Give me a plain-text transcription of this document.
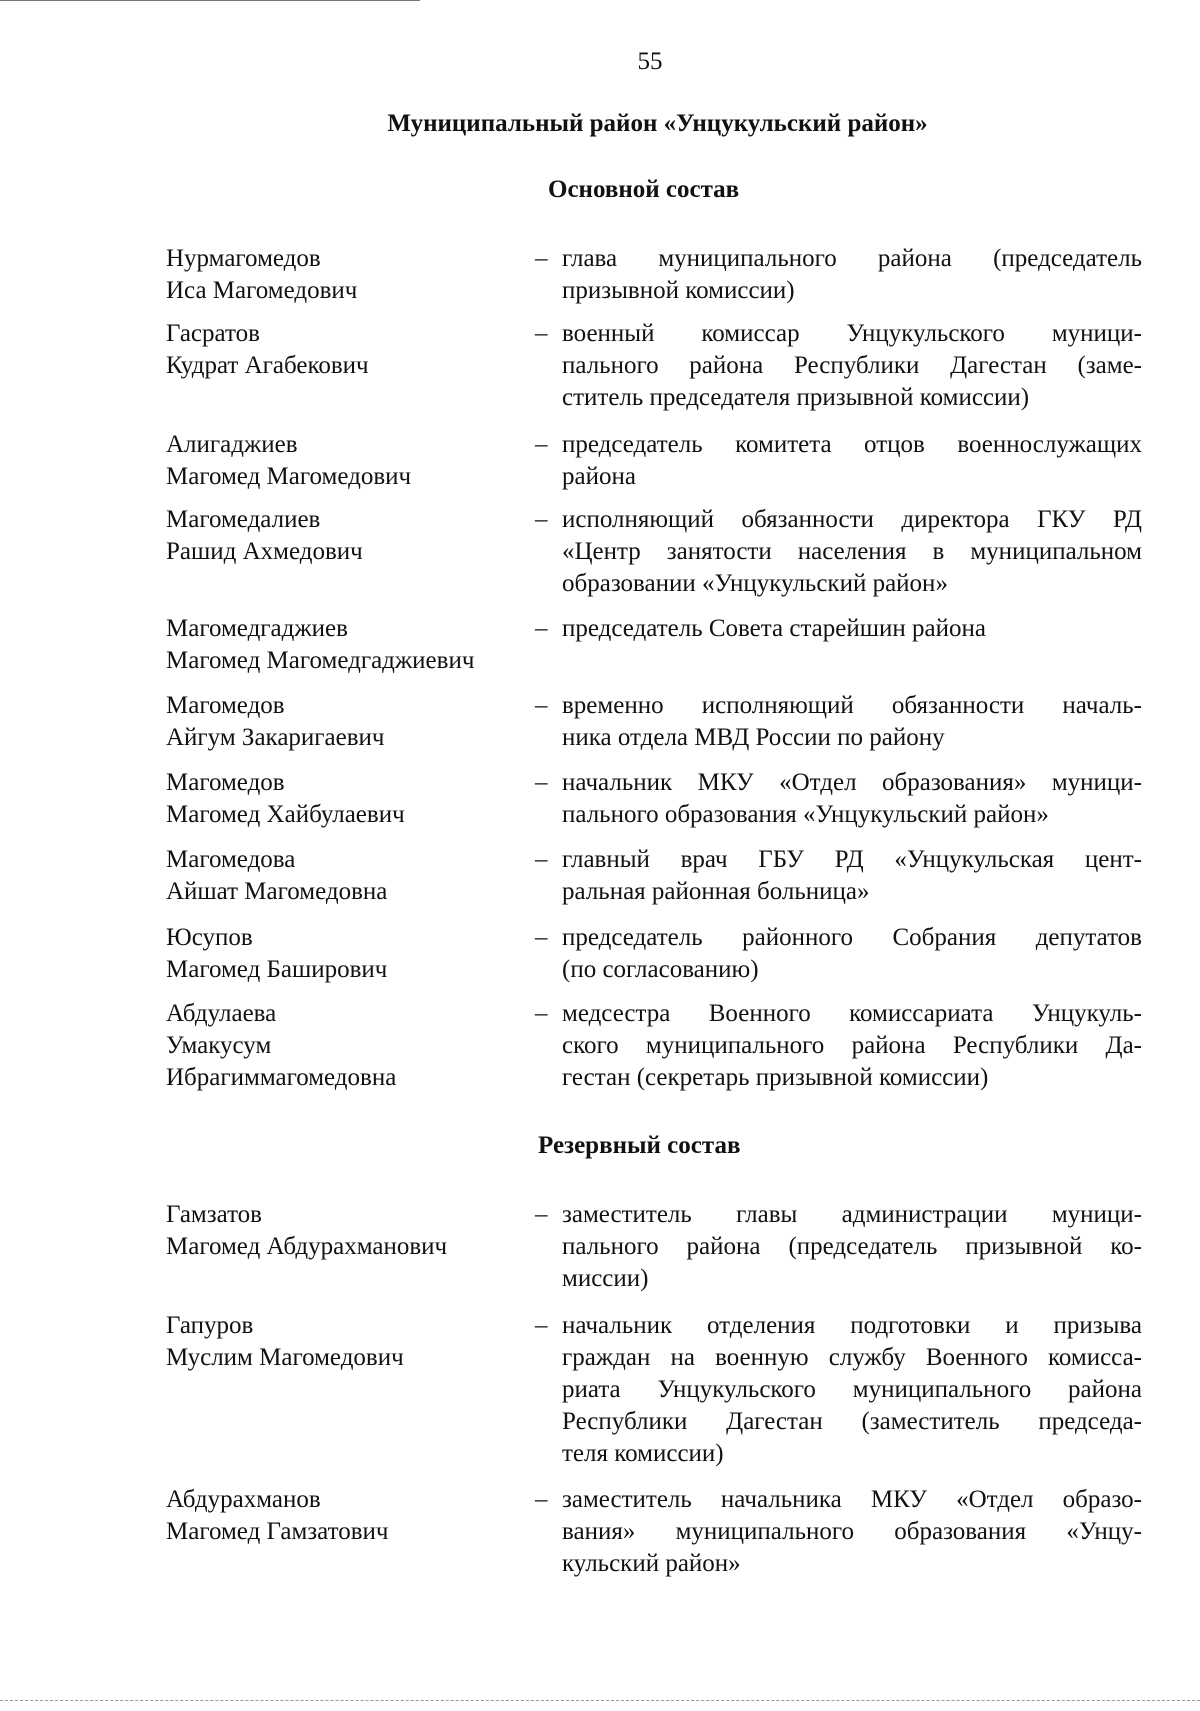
55
Муниципальный район «Унцукульский район»
Основной состав
Нурмагомедов
Иса Магомедович
– глава муниципального района (председатель
призывной комиссии)
Гасратов
Кудрат Агабекович
– военный комиссар Унцукульского муници-
пального района Республики Дагестан (заме-
ститель председателя призывной комиссии)
Алигаджиев
Магомед Магомедович
– председатель комитета отцов военнослужащих
района
Магомедалиев
Рашид Ахмедович
– исполняющий обязанности директора ГКУ РД
«Центр занятости населения в муниципальном
образовании «Унцукульский район»
Магомедгаджиев
Магомед Магомедгаджиевич
– председатель Совета старейшин района
Магомедов
Айгум Закаригаевич
– временно исполняющий обязанности началь-
ника отдела МВД России по району
Магомедов
Магомед Хайбулаевич
– начальник МКУ «Отдел образования» муници-
пального образования «Унцукульский район»
Магомедова
Айшат Магомедовна
– главный врач ГБУ РД «Унцукульская цент-
ральная районная больница»
Юсупов
Магомед Баширович
– председатель районного Собрания депутатов
(по согласованию)
Абдулаева
Умакусум
Ибрагиммагомедовна
– медсестра Военного комиссариата Унцукуль-
ского муниципального района Республики Да-
гестан (секретарь призывной комиссии)
Резервный состав
Гамзатов
Магомед Абдурахманович
– заместитель главы администрации муници-
пального района (председатель призывной ко-
миссии)
Гапуров
Муслим Магомедович
– начальник отделения подготовки и призыва
граждан на военную службу Военного комисса-
риата Унцукульского муниципального района
Республики Дагестан (заместитель председа-
теля комиссии)
Абдурахманов
Магомед Гамзатович
– заместитель начальника МКУ «Отдел образо-
вания» муниципального образования «Унцу-
кульский район»
